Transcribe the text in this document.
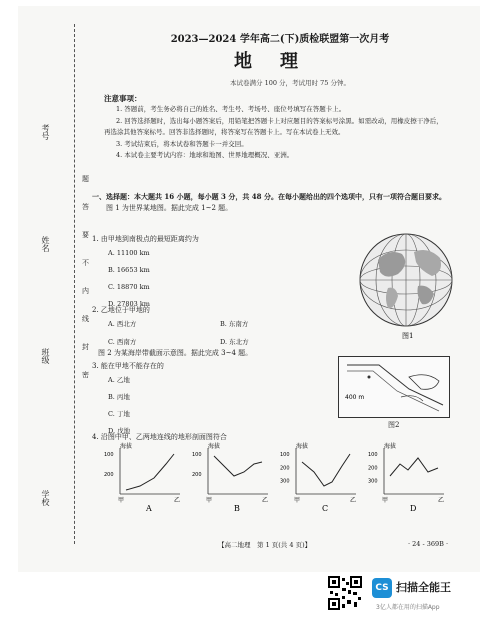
考号
姓名
班级
学校
题
答
要
不
内
线
封
密
2023—2024 学年高二(下)质检联盟第一次月考
地理
本试卷满分 100 分，考试用时 75 分钟。
注意事项：

1. 答题前，考生务必将自己的姓名、考生号、考场号、座位号填写在答题卡上。

2. 回答选择题时，选出每小题答案后，用铅笔把答题卡上对应题目的答案标号涂黑。如需改动，用橡皮擦干净后，再选涂其他答案标号。回答非选择题时，将答案写在答题卡上。写在本试卷上无效。

3. 考试结束后，将本试卷和答题卡一并交回。

4. 本试卷主要考试内容：地球和地图、世界地理概况、亚洲。

一、选择题：本大题共 16 小题，每小题 3 分，共 48 分。在每小题给出的四个选项中，只有一项符合题目要求。
图 1 为世界某地图。据此完成 1~2 题。
1. 由甲地到南极点的最短距离约为
A. 11100 km
B. 16653 km
C. 18870 km
D. 27803 km
2. 乙地位于甲地的
A. 西北方	B. 东南方
C. 西南方	D. 东北方
图 2 为某海岸带截面示意图。据此完成 3~4 题。
3. 能在甲地不能存在的
A. 乙地
B. 丙地
C. 丁地
D. 戊地
4. 沿图中甲、乙两地连线的地形剖面图符合
图1
400 m
图2
海拔
200
100
甲	乙
A
海拔
200
100
甲	乙
B
海拔
300
200
100
甲	乙
C
海拔
300
200
100
甲	乙
D
【高二地理　第 1 页(共 4 页)】	· 24 - 369B ·
CS 扫描全能王
3亿人都在用的扫描App
